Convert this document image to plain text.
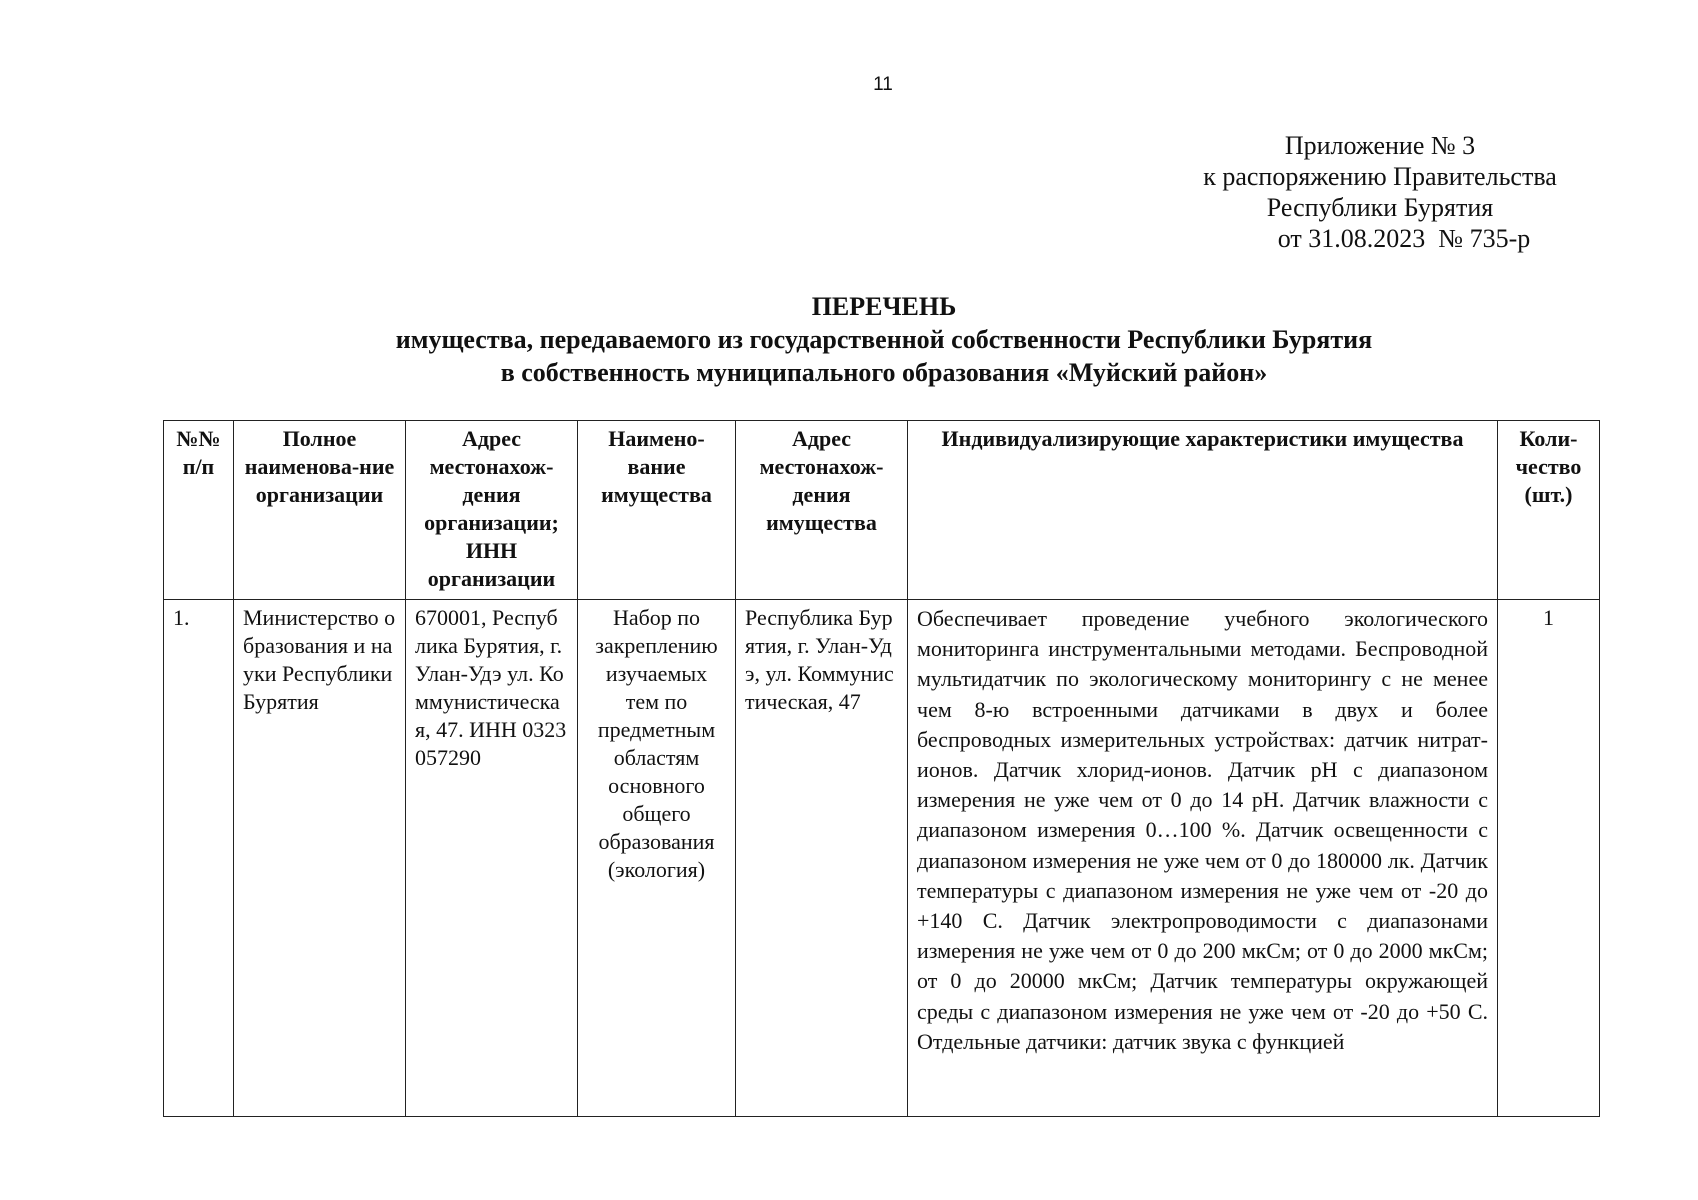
11
Приложение № 3
к распоряжению Правительства
Республики Бурятия
от 31.08.2023  № 735-р
ПЕРЕЧЕНЬ
имущества, передаваемого из государственной собственности Республики Бурятия
в собственность муниципального образования «Муйский район»
№№ п/п	Полное наименова-ние организации	Адрес местонахож-дения организации; ИНН организации	Наимено-вание имущества	Адрес местонахож-дения имущества	Индивидуализирующие характеристики имущества	Коли-чество (шт.)
1.	Министерство образования и науки Республики Бурятия	670001, Республика Бурятия, г. Улан-Удэ ул. Коммунистическая, 47. ИНН 0323057290	Набор по закреплению изучаемых тем по предметным областям основного общего образования (экология)	Республика Бурятия, г. Улан-Удэ, ул. Коммунистическая, 47	Обеспечивает проведение учебного экологического мониторинга инструментальными методами. Беспроводной мультидатчик по экологическому мониторингу с не менее чем 8-ю встроенными датчиками в двух и более беспроводных измерительных устройствах: датчик нитрат-ионов. Датчик хлорид-ионов. Датчик pH с диапазоном измерения не уже чем от 0 до 14 pH. Датчик влажности с диапазоном измерения 0…100 %. Датчик освещенности с диапазоном измерения не уже чем от 0 до 180000 лк. Датчик температуры с диапазоном измерения не уже чем от -20 до +140 С. Датчик электропроводимости с диапазонами измерения не уже чем от 0 до 200 мкСм; от 0 до 2000 мкСм; от 0 до 20000 мкСм; Датчик температуры окружающей среды с диапазоном измерения не уже чем от -20 до +50 С. Отдельные датчики: датчик звука с функцией	1
